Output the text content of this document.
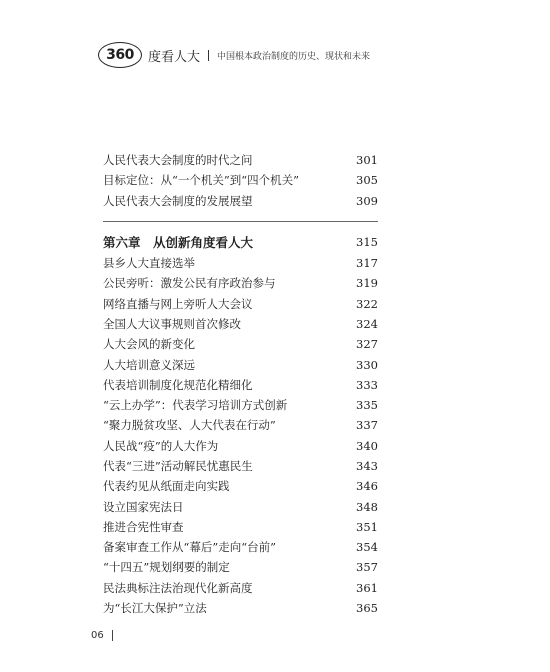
360	度看人大 中国根本政治制度的历史、现状和未来
人民代表大会制度的时代之问	301
目标定位：从“一个机关”到“四个机关”	305
人民代表大会制度的发展展望	309
第六章　从创新角度看人大	315
县乡人大直接选举	317
公民旁听：激发公民有序政治参与	319
网络直播与网上旁听人大会议	322
全国人大议事规则首次修改	324
人大会风的新变化	327
人大培训意义深远	330
代表培训制度化规范化精细化	333
“云上办学”：代表学习培训方式创新	335
“聚力脱贫攻坚、人大代表在行动”	337
人民战“疫”的人大作为	340
代表“三进”活动解民忧惠民生	343
代表约见从纸面走向实践	346
设立国家宪法日	348
推进合宪性审查	351
备案审查工作从“幕后”走向“台前”	354
“十四五”规划纲要的制定	357
民法典标注法治现代化新高度	361
为“长江大保护”立法	365
06
